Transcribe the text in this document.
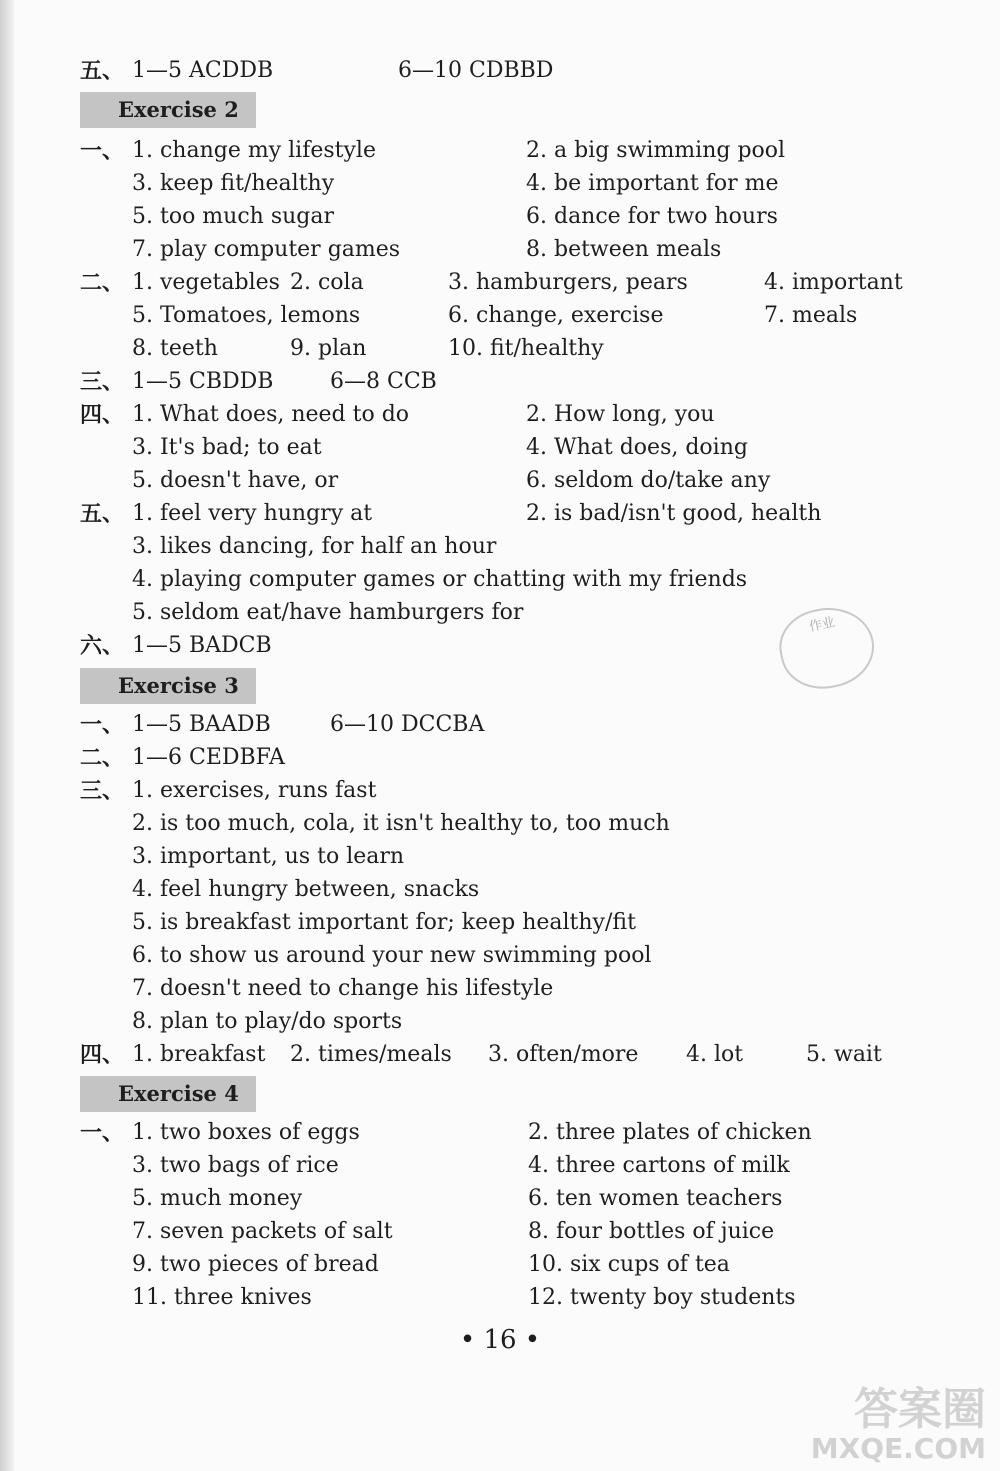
五、 1—5 ACDDB	6—10 CDBBD
Exercise 2
一、 1. change my lifestyle	2. a big swimming pool
3. keep fit/healthy	4. be important for me
5. too much sugar	6. dance for two hours
7. play computer games	8. between meals
二、 1. vegetables 2. cola	3. hamburgers, pears	4. important
5. Tomatoes, lemons	6. change, exercise	7. meals
8. teeth	9. plan	10. fit/healthy
三、 1—5 CBDDB	6—8 CCB
四、 1. What does, need to do	2. How long, you
3. It's bad; to eat	4. What does, doing
5. doesn't have, or	6. seldom do/take any
五、 1. feel very hungry at	2. is bad/isn't good, health
3. likes dancing, for half an hour
4. playing computer games or chatting with my friends
5. seldom eat/have hamburgers for
六、 1—5 BADCB
Exercise 3
一、 1—5 BAADB	6—10 DCCBA
二、 1—6 CEDBFA
三、 1. exercises, runs fast
2. is too much, cola, it isn't healthy to, too much
3. important, us to learn
4. feel hungry between, snacks
5. is breakfast important for; keep healthy/fit
6. to show us around your new swimming pool
7. doesn't need to change his lifestyle
8. plan to play/do sports
四、 1. breakfast 2. times/meals 3. often/more 4. lot	5. wait
Exercise 4
一、 1. two boxes of eggs	2. three plates of chicken
3. two bags of rice	4. three cartons of milk
5. much money	6. ten women teachers
7. seven packets of salt	8. four bottles of juice
9. two pieces of bread	10. six cups of tea
11. three knives	12. twenty boy students
• 16 •
作业
答案圈
MXQE.COM
